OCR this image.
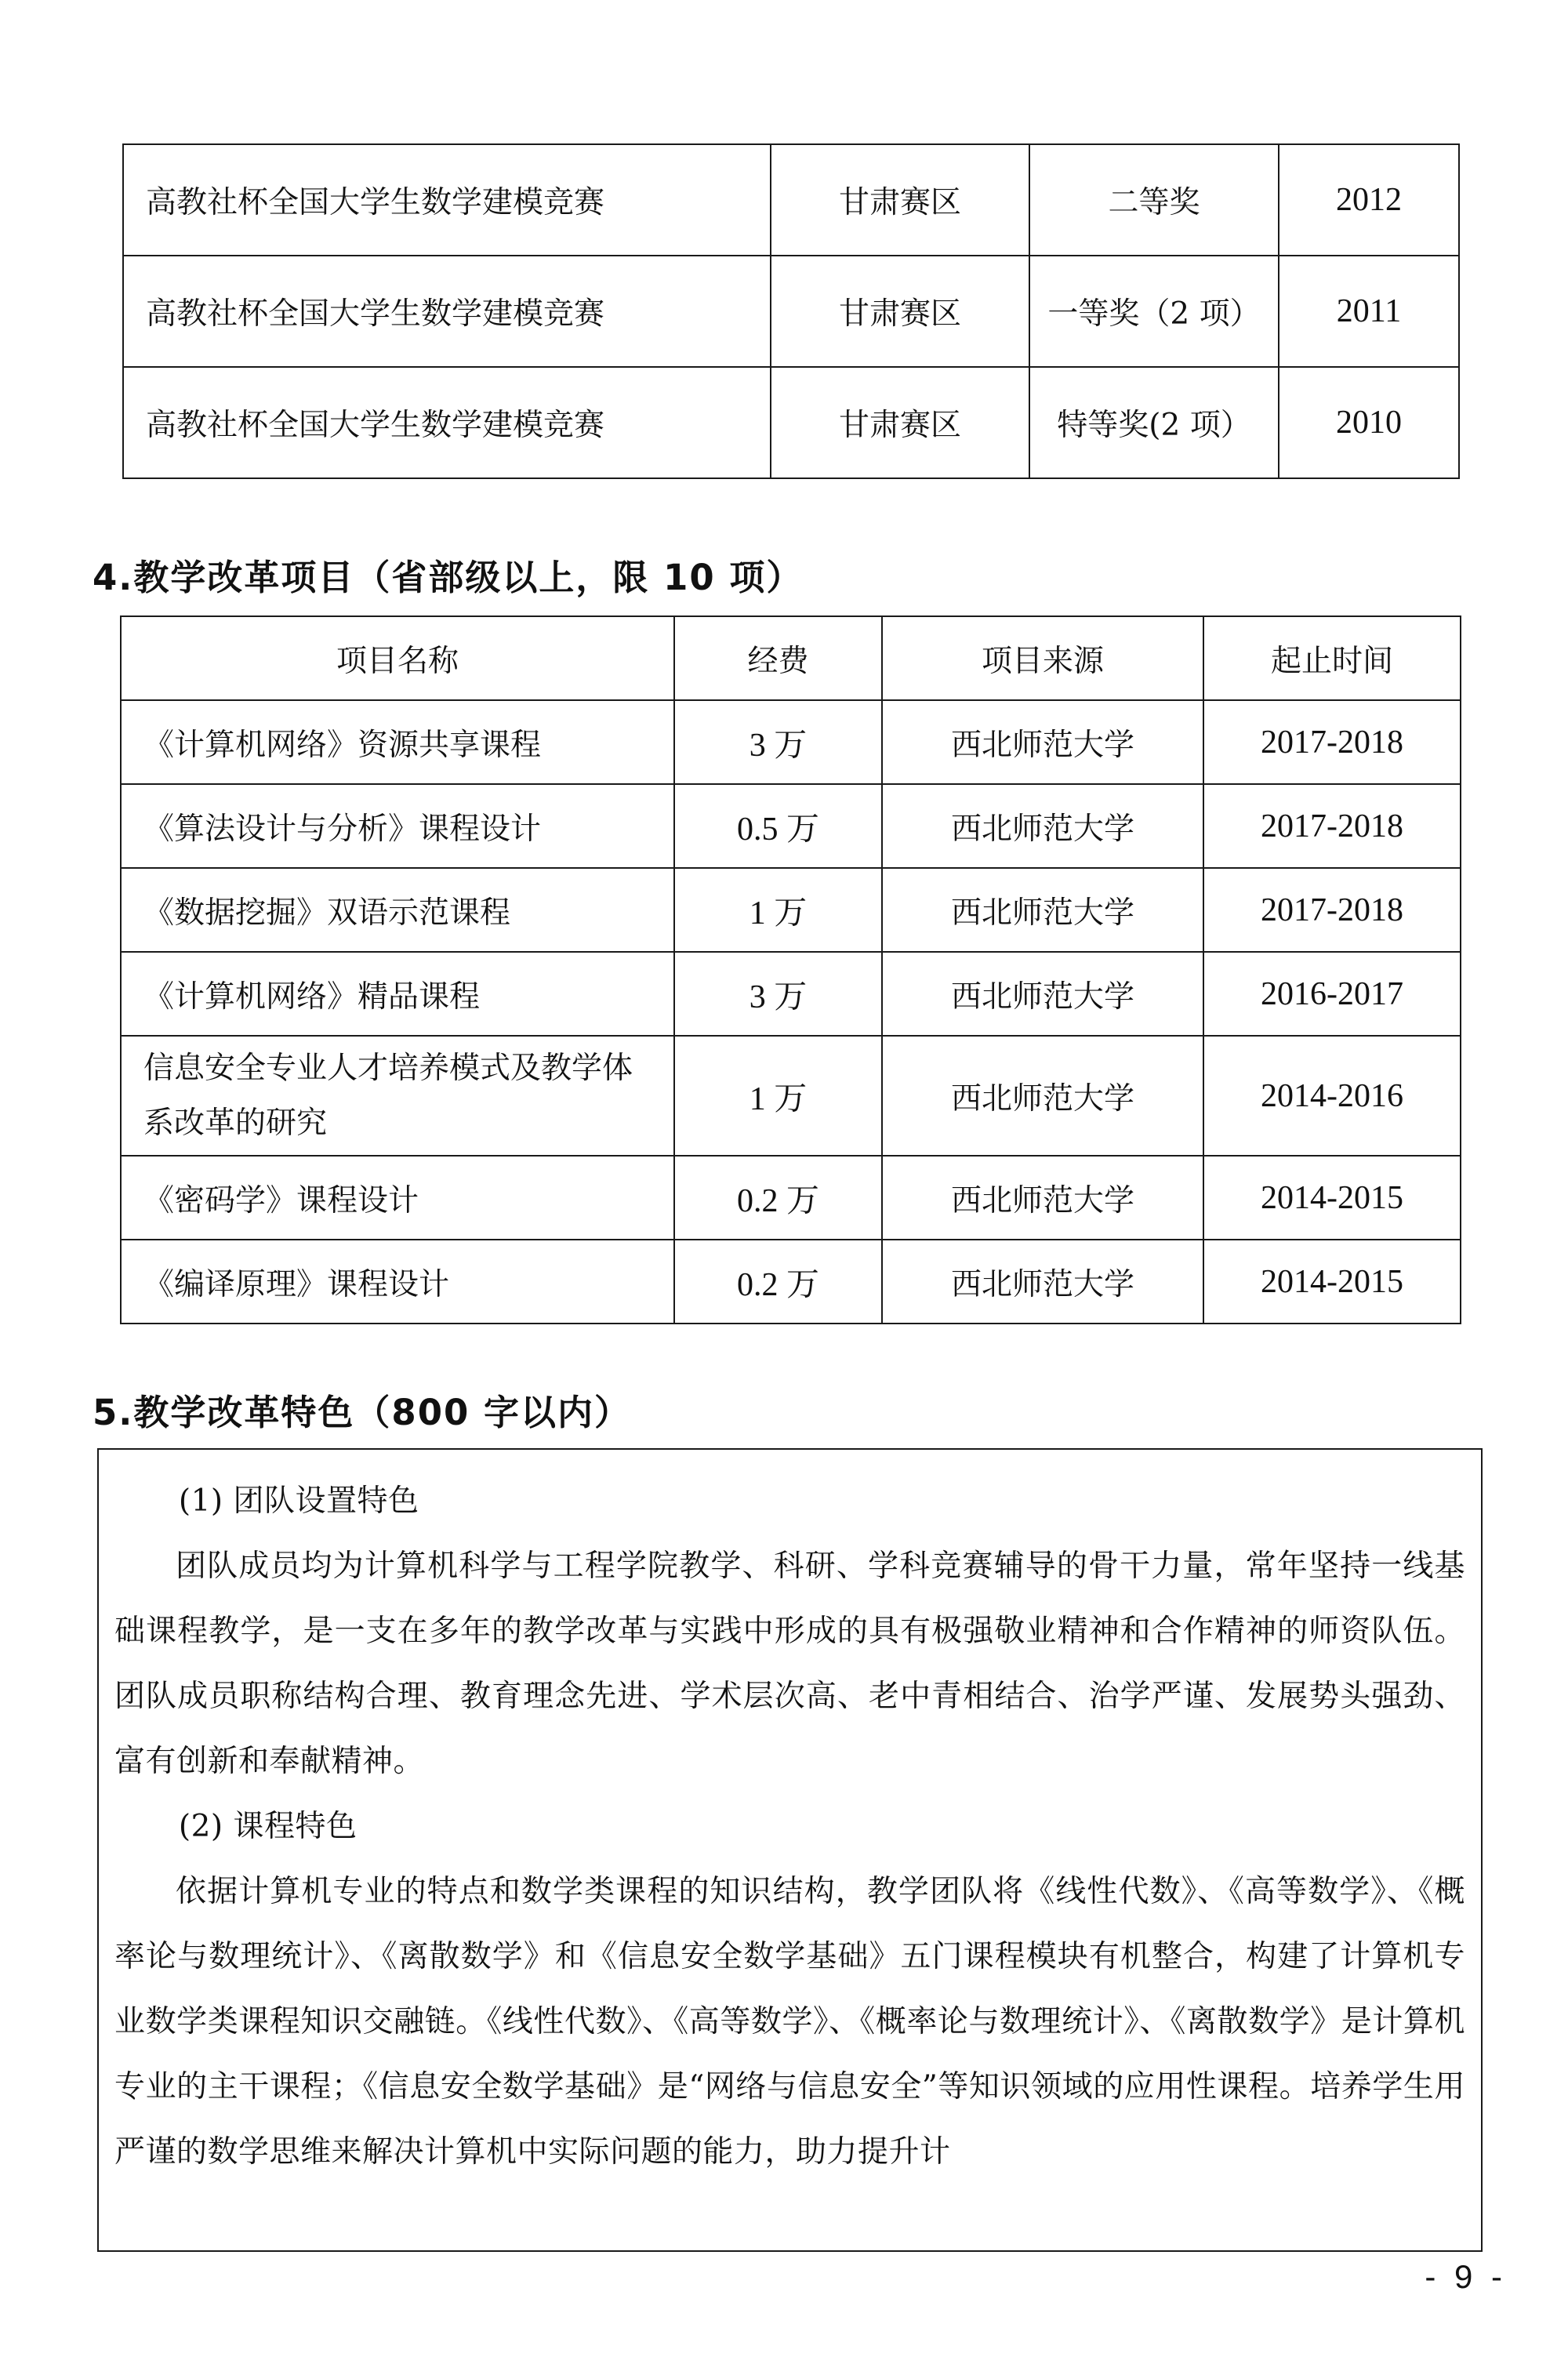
高教社杯全国大学生数学建模竞赛	甘肃赛区	二等奖	2012
高教社杯全国大学生数学建模竞赛	甘肃赛区	一等奖（2 项）	2011
高教社杯全国大学生数学建模竞赛	甘肃赛区	特等奖(2 项）	2010
4.教学改革项目（省部级以上，限 10 项）
项目名称	经费	项目来源	起止时间
《计算机网络》资源共享课程	3 万	西北师范大学	2017-2018
《算法设计与分析》课程设计	0.5 万	西北师范大学	2017-2018
《数据挖掘》双语示范课程	1 万	西北师范大学	2017-2018
《计算机网络》精品课程	3 万	西北师范大学	2016-2017
信息安全专业人才培养模式及教学体系改革的研究	1 万	西北师范大学	2014-2016
《密码学》课程设计	0.2 万	西北师范大学	2014-2015
《编译原理》课程设计	0.2 万	西北师范大学	2014-2015
5.教学改革特色（800 字以内）

(1) 团队设置特色

团队成员均为计算机科学与工程学院教学、科研、学科竞赛辅导的骨干力量，常年坚持一线基础课程教学，是一支在多年的教学改革与实践中形成的具有极强敬业精神和合作精神的师资队伍。团队成员职称结构合理、教育理念先进、学术层次高、老中青相结合、治学严谨、发展势头强劲、富有创新和奉献精神。

(2) 课程特色

依据计算机专业的特点和数学类课程的知识结构，教学团队将《线性代数》、《高等数学》、《概率论与数理统计》、《离散数学》和《信息安全数学基础》五门课程模块有机整合，构建了计算机专业数学类课程知识交融链。《线性代数》、《高等数学》、《概率论与数理统计》、《离散数学》是计算机专业的主干课程；《信息安全数学基础》是“网络与信息安全”等知识领域的应用性课程。培养学生用严谨的数学思维来解决计算机中实际问题的能力，助力提升计

- 9 -
